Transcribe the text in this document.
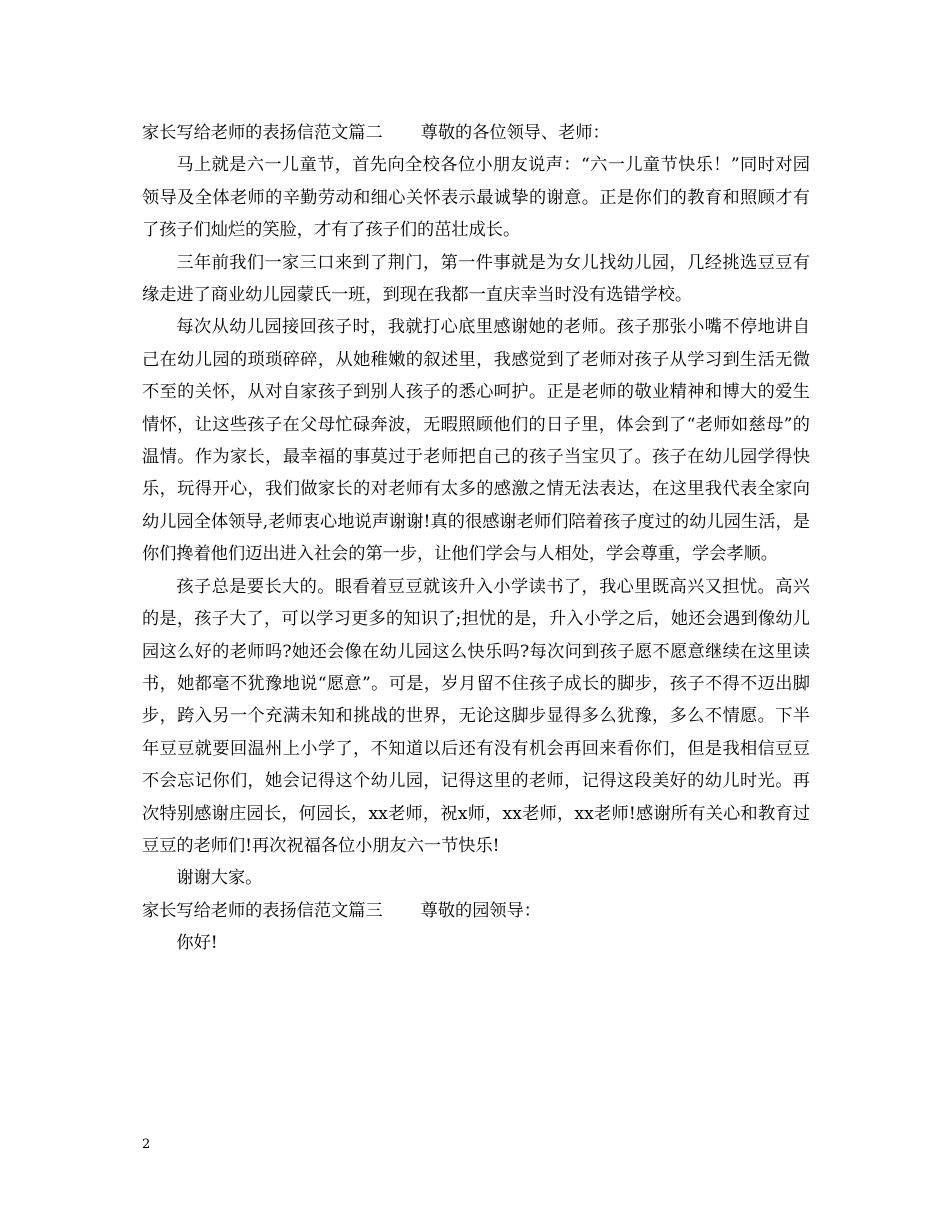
家长写给老师的表扬信范文篇二 尊敬的各位领导、老师：

马上就是六一儿童节，首先向全校各位小朋友说声：“六一儿童节快乐！”同时对园领导及全体老师的辛勤劳动和细心关怀表示最诚挚的谢意。正是你们的教育和照顾才有了孩子们灿烂的笑脸，才有了孩子们的茁壮成长。

三年前我们一家三口来到了荆门，第一件事就是为女儿找幼儿园，几经挑选豆豆有缘走进了商业幼儿园蒙氏一班，到现在我都一直庆幸当时没有选错学校。

每次从幼儿园接回孩子时，我就打心底里感谢她的老师。孩子那张小嘴不停地讲自己在幼儿园的琐琐碎碎，从她稚嫩的叙述里，我感觉到了老师对孩子从学习到生活无微不至的关怀，从对自家孩子到别人孩子的悉心呵护。正是老师的敬业精神和博大的爱生情怀，让这些孩子在父母忙碌奔波，无暇照顾他们的日子里，体会到了“老师如慈母”的温情。作为家长，最幸福的事莫过于老师把自己的孩子当宝贝了。孩子在幼儿园学得快乐，玩得开心，我们做家长的对老师有太多的感激之情无法表达，在这里我代表全家向幼儿园全体领导,老师衷心地说声谢谢!真的很感谢老师们陪着孩子度过的幼儿园生活，是你们搀着他们迈出进入社会的第一步，让他们学会与人相处，学会尊重，学会孝顺。

孩子总是要长大的。眼看着豆豆就该升入小学读书了，我心里既高兴又担忧。高兴的是，孩子大了，可以学习更多的知识了;担忧的是，升入小学之后，她还会遇到像幼儿园这么好的老师吗?她还会像在幼儿园这么快乐吗?每次问到孩子愿不愿意继续在这里读书，她都毫不犹豫地说“愿意”。可是，岁月留不住孩子成长的脚步，孩子不得不迈出脚步，跨入另一个充满未知和挑战的世界，无论这脚步显得多么犹豫，多么不情愿。下半年豆豆就要回温州上小学了，不知道以后还有没有机会再回来看你们，但是我相信豆豆不会忘记你们，她会记得这个幼儿园，记得这里的老师，记得这段美好的幼儿时光。再次特别感谢庄园长，何园长，xx老师，祝x师，xx老师，xx老师!感谢所有关心和教育过豆豆的老师们!再次祝福各位小朋友六一节快乐!

谢谢大家。

家长写给老师的表扬信范文篇三 尊敬的园领导：

你好!

2
